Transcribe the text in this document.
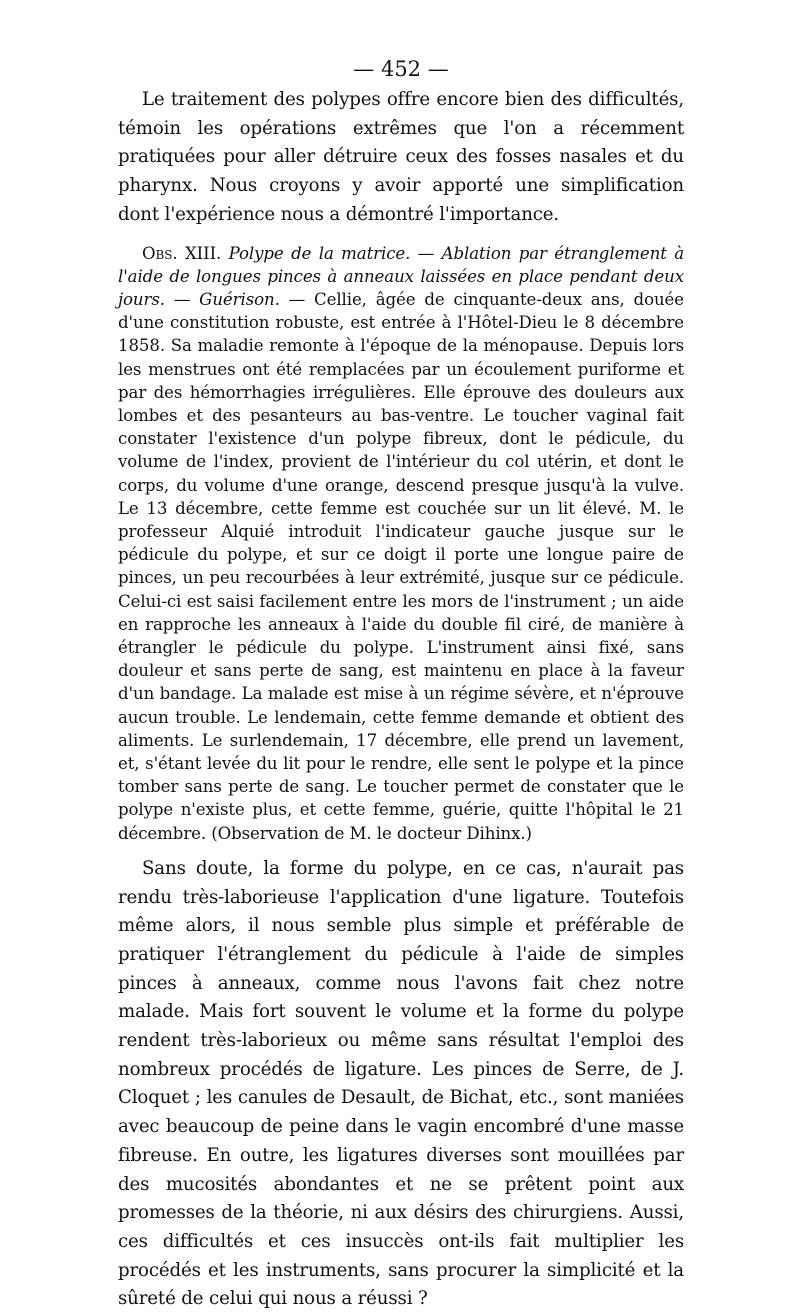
— 452 —

Le traitement des polypes offre encore bien des difficultés, témoin les opérations extrêmes que l'on a récemment pratiquées pour aller détruire ceux des fosses nasales et du pharynx. Nous croyons y avoir apporté une simplification dont l'expérience nous a démontré l'importance.

Obs. XIII. Polype de la matrice. — Ablation par étranglement à l'aide de longues pinces à anneaux laissées en place pendant deux jours. — Guérison. — Cellie, âgée de cinquante-deux ans, douée d'une constitution robuste, est entrée à l'Hôtel-Dieu le 8 décembre 1858. Sa maladie remonte à l'époque de la ménopause. Depuis lors les menstrues ont été remplacées par un écoulement puriforme et par des hémorrhagies irrégulières. Elle éprouve des douleurs aux lombes et des pesanteurs au bas-ventre. Le toucher vaginal fait constater l'existence d'un polype fibreux, dont le pédicule, du volume de l'index, provient de l'intérieur du col utérin, et dont le corps, du volume d'une orange, descend presque jusqu'à la vulve. Le 13 décembre, cette femme est couchée sur un lit élevé. M. le professeur Alquié introduit l'indicateur gauche jusque sur le pédicule du polype, et sur ce doigt il porte une longue paire de pinces, un peu recourbées à leur extrémité, jusque sur ce pédicule. Celui-ci est saisi facilement entre les mors de l'instrument ; un aide en rapproche les anneaux à l'aide du double fil ciré, de manière à étrangler le pédicule du polype. L'instrument ainsi fixé, sans douleur et sans perte de sang, est maintenu en place à la faveur d'un bandage. La malade est mise à un régime sévère, et n'éprouve aucun trouble. Le lendemain, cette femme demande et obtient des aliments. Le surlendemain, 17 décembre, elle prend un lavement, et, s'étant levée du lit pour le rendre, elle sent le polype et la pince tomber sans perte de sang. Le toucher permet de constater que le polype n'existe plus, et cette femme, guérie, quitte l'hôpital le 21 décembre. (Observation de M. le docteur Dihinx.)

Sans doute, la forme du polype, en ce cas, n'aurait pas rendu très-laborieuse l'application d'une ligature. Toutefois même alors, il nous semble plus simple et préférable de pratiquer l'étranglement du pédicule à l'aide de simples pinces à anneaux, comme nous l'avons fait chez notre malade. Mais fort souvent le volume et la forme du polype rendent très-laborieux ou même sans résultat l'emploi des nombreux procédés de ligature. Les pinces de Serre, de J. Cloquet ; les canules de Desault, de Bichat, etc., sont maniées avec beaucoup de peine dans le vagin encombré d'une masse fibreuse. En outre, les ligatures diverses sont mouillées par des mucosités abondantes et ne se prêtent point aux promesses de la théorie, ni aux désirs des chirurgiens. Aussi, ces difficultés et ces insuccès ont-ils fait multiplier les procédés et les instruments, sans procurer la simplicité et la sûreté de celui qui nous a réussi ?
